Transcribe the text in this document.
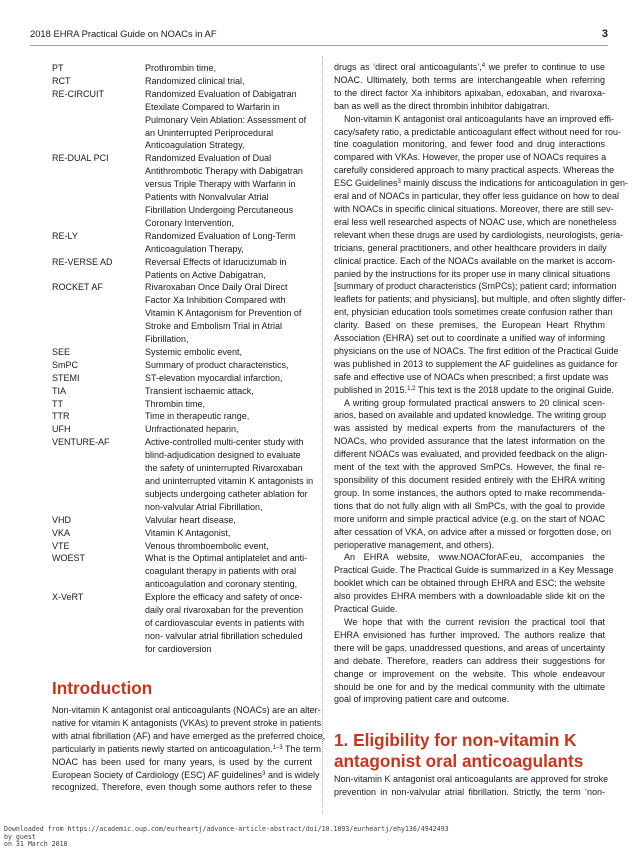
2018 EHRA Practical Guide on NOACs in AF	3
PT	Prothrombin time,
RCT	Randomized clinical trial,
RE-CIRCUIT	Randomized Evaluation of Dabigatran
Etexilate Compared to Warfarin in
Pulmonary Vein Ablation: Assessment of
an Uninterrupted Periprocedural
Anticoagulation Strategy,
RE-DUAL PCI	Randomized Evaluation of Dual
Antithrombotic Therapy with Dabigatran
versus Triple Therapy with Warfarin in
Patients with Nonvalvular Atrial
Fibrillation Undergoing Percutaneous
Coronary Intervention,
RE-LY	Randomized Evaluation of Long-Term
Anticoagulation Therapy,
RE-VERSE AD	Reversal Effects of Idarucizumab in
Patients on Active Dabigatran,
ROCKET AF	Rivaroxaban Once Daily Oral Direct
Factor Xa Inhibition Compared with
Vitamin K Antagonism for Prevention of
Stroke and Embolism Trial in Atrial
Fibrillation,
SEE	Systemic embolic event,
SmPC	Summary of product characteristics,
STEMI	ST-elevation myocardial infarction,
TIA	Transient ischaemic attack,
TT	Thrombin time,
TTR	Time in therapeutic range,
UFH	Unfractionated heparin,
VENTURE-AF	Active-controlled multi-center study with
blind-adjudication designed to evaluate
the safety of uninterrupted Rivaroxaban
and uninterrupted vitamin K antagonists in
subjects undergoing catheter ablation for
non-valvular Atrial Fibrillation,
VHD	Valvular heart disease,
VKA	Vitamin K Antagonist,
VTE	Venous thromboembolic event,
WOEST	What is the Optimal antiplatelet and anti-
coagulant therapy in patients with oral
anticoagulation and coronary stenting,
X-VeRT	Explore the efficacy and safety of once-
daily oral rivaroxaban for the prevention
of cardiovascular events in patients with
non- valvular atrial fibrillation scheduled
for cardioversion
Introduction
Non-vitamin K antagonist oral anticoagulants (NOACs) are an alter-
native for vitamin K antagonists (VKAs) to prevent stroke in patients
with atrial fibrillation (AF) and have emerged as the preferred choice,
particularly in patients newly started on anticoagulation.$^{1-3}$ The term
NOAC has been used for many years, is used by the current
European Society of Cardiology (ESC) AF guidelines$^3$ and is widely
recognized. Therefore, even though some authors refer to these
drugs as ‘direct oral anticoagulants’,$^4$ we prefer to continue to use
NOAC. Ultimately, both terms are interchangeable when referring
to the direct factor Xa inhibitors apixaban, edoxaban, and rivaroxa-
ban as well as the direct thrombin inhibitor dabigatran.
Non-vitamin K antagonist oral anticoagulants have an improved effi-
cacy/safety ratio, a predictable anticoagulant effect without need for rou-
tine coagulation monitoring, and fewer food and drug interactions
compared with VKAs. However, the proper use of NOACs requires a
carefully considered approach to many practical aspects. Whereas the
ESC Guidelines$^3$ mainly discuss the indications for anticoagulation in gen-
eral and of NOACs in particular, they offer less guidance on how to deal
with NOACs in specific clinical situations. Moreover, there are still sev-
eral less well researched aspects of NOAC use, which are nonetheless
relevant when these drugs are used by cardiologists, neurologists, geria-
tricians, general practitioners, and other healthcare providers in daily
clinical practice. Each of the NOACs available on the market is accom-
panied by the instructions for its proper use in many clinical situations
[summary of product characteristics (SmPCs); patient card; information
leaflets for patients; and physicians], but multiple, and often slightly differ-
ent, physician education tools sometimes create confusion rather than
clarity. Based on these premises, the European Heart Rhythm
Association (EHRA) set out to coordinate a unified way of informing
physicians on the use of NOACs. The first edition of the Practical Guide
was published in 2013 to supplement the AF guidelines as guidance for
safe and effective use of NOACs when prescribed; a first update was
published in 2015.$^{1,2}$ This text is the 2018 update to the original Guide.
A writing group formulated practical answers to 20 clinical scen-
arios, based on available and updated knowledge. The writing group
was assisted by medical experts from the manufacturers of the
NOACs, who provided assurance that the latest information on the
different NOACs was evaluated, and provided feedback on the align-
ment of the text with the approved SmPCs. However, the final re-
sponsibility of this document resided entirely with the EHRA writing
group. In some instances, the authors opted to make recommenda-
tions that do not fully align with all SmPCs, with the goal to provide
more uniform and simple practical advice (e.g. on the start of NOAC
after cessation of VKA, on advice after a missed or forgotten dose, on
perioperative management, and others).
An EHRA website, www.NOACforAF.eu, accompanies the
Practical Guide. The Practical Guide is summarized in a Key Message
booklet which can be obtained through EHRA and ESC; the website
also provides EHRA members with a downloadable slide kit on the
Practical Guide.
We hope that with the current revision the practical tool that
EHRA envisioned has further improved. The authors realize that
there will be gaps, unaddressed questions, and areas of uncertainty
and debate. Therefore, readers can address their suggestions for
change or improvement on the website. This whole endeavour
should be one for and by the medical community with the ultimate
goal of improving patient care and outcome.
1. Eligibility for non-vitamin K
antagonist oral anticoagulants
Non-vitamin K antagonist oral anticoagulants are approved for stroke
prevention in non-valvular atrial fibrillation. Strictly, the term ‘non-
Downloaded from https://academic.oup.com/eurheartj/advance-article-abstract/doi/10.1093/eurheartj/ehy136/4942493
by guest
on 31 March 2018
